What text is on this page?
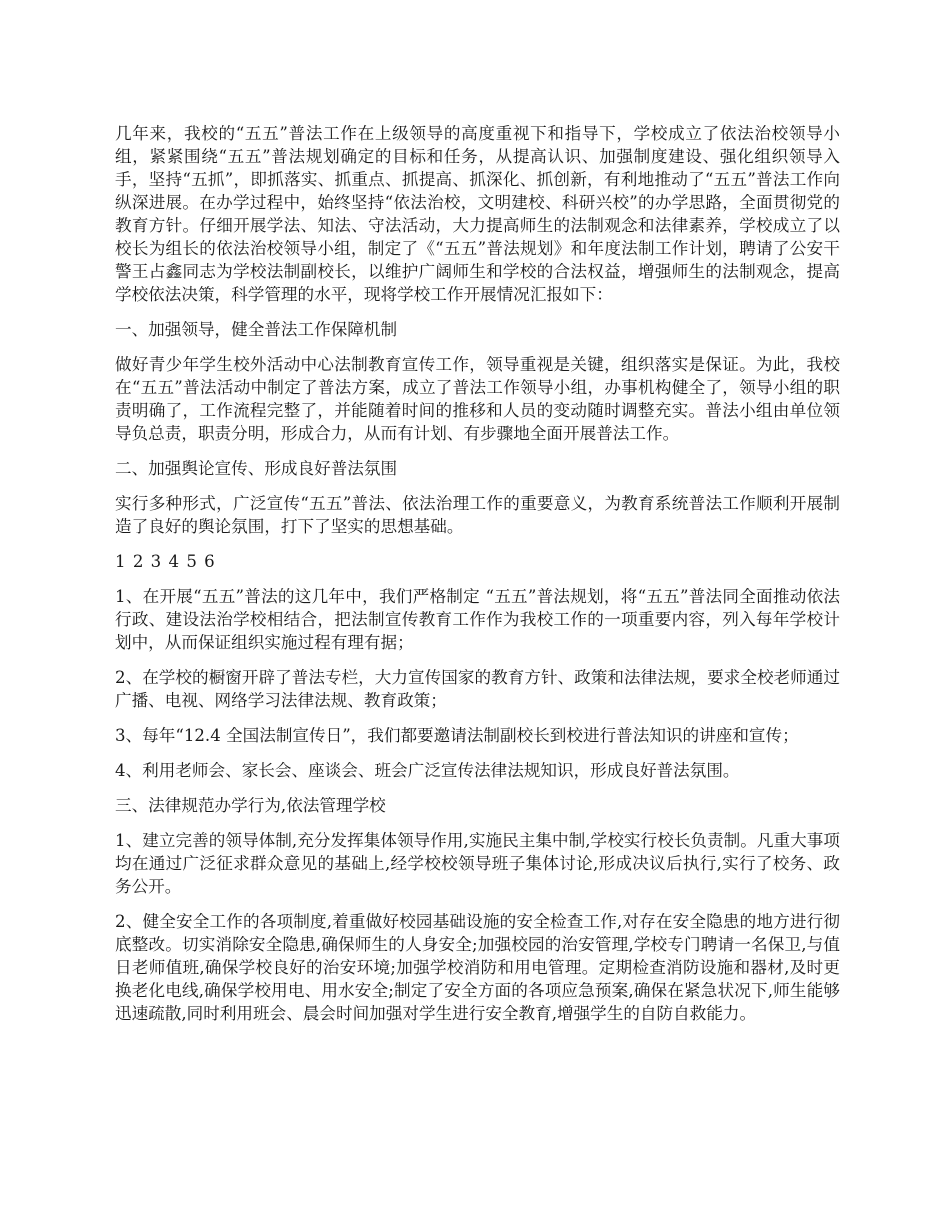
几年来，我校的“五五”普法工作在上级领导的高度重视下和指导下，学校成立了依法治校领导小组，紧紧围绕“五五”普法规划确定的目标和任务，从提高认识、加强制度建设、强化组织领导入手，坚持“五抓”，即抓落实、抓重点、抓提高、抓深化、抓创新，有利地推动了“五五”普法工作向纵深进展。在办学过程中，始终坚持“依法治校，文明建校、科研兴校”的办学思路，全面贯彻党的教育方针。仔细开展学法、知法、守法活动，大力提高师生的法制观念和法律素养，学校成立了以校长为组长的依法治校领导小组，制定了《“五五”普法规划》和年度法制工作计划，聘请了公安干警王占鑫同志为学校法制副校长，以维护广阔师生和学校的合法权益，增强师生的法制观念，提高学校依法决策，科学管理的水平，现将学校工作开展情况汇报如下：

一、加强领导，健全普法工作保障机制

做好青少年学生校外活动中心法制教育宣传工作，领导重视是关键，组织落实是保证。为此，我校在“五五”普法活动中制定了普法方案，成立了普法工作领导小组，办事机构健全了，领导小组的职责明确了，工作流程完整了，并能随着时间的推移和人员的变动随时调整充实。普法小组由单位领导负总责，职责分明，形成合力，从而有计划、有步骤地全面开展普法工作。

二、加强舆论宣传、形成良好普法氛围

实行多种形式，广泛宣传“五五”普法、依法治理工作的重要意义，为教育系统普法工作顺利开展制造了良好的舆论氛围，打下了坚实的思想基础。

1 2 3 4 5 6

1、在开展“五五”普法的这几年中，我们严格制定 “五五”普法规划，将“五五”普法同全面推动依法行政、建设法治学校相结合，把法制宣传教育工作作为我校工作的一项重要内容，列入每年学校计划中，从而保证组织实施过程有理有据；

2、在学校的橱窗开辟了普法专栏，大力宣传国家的教育方针、政策和法律法规，要求全校老师通过广播、电视、网络学习法律法规、教育政策；

3、每年“12.4 全国法制宣传日”，我们都要邀请法制副校长到校进行普法知识的讲座和宣传；

4、利用老师会、家长会、座谈会、班会广泛宣传法律法规知识，形成良好普法氛围。

三、法律规范办学行为,依法管理学校

1、建立完善的领导体制,充分发挥集体领导作用,实施民主集中制,学校实行校长负责制。凡重大事项均在通过广泛征求群众意见的基础上,经学校校领导班子集体讨论,形成决议后执行,实行了校务、政务公开。

2、健全安全工作的各项制度,着重做好校园基础设施的安全检查工作,对存在安全隐患的地方进行彻底整改。切实消除安全隐患,确保师生的人身安全;加强校园的治安管理,学校专门聘请一名保卫,与值日老师值班,确保学校良好的治安环境;加强学校消防和用电管理。定期检查消防设施和器材,及时更换老化电线,确保学校用电、用水安全;制定了安全方面的各项应急预案,确保在紧急状况下,师生能够迅速疏散,同时利用班会、晨会时间加强对学生进行安全教育,增强学生的自防自救能力。
